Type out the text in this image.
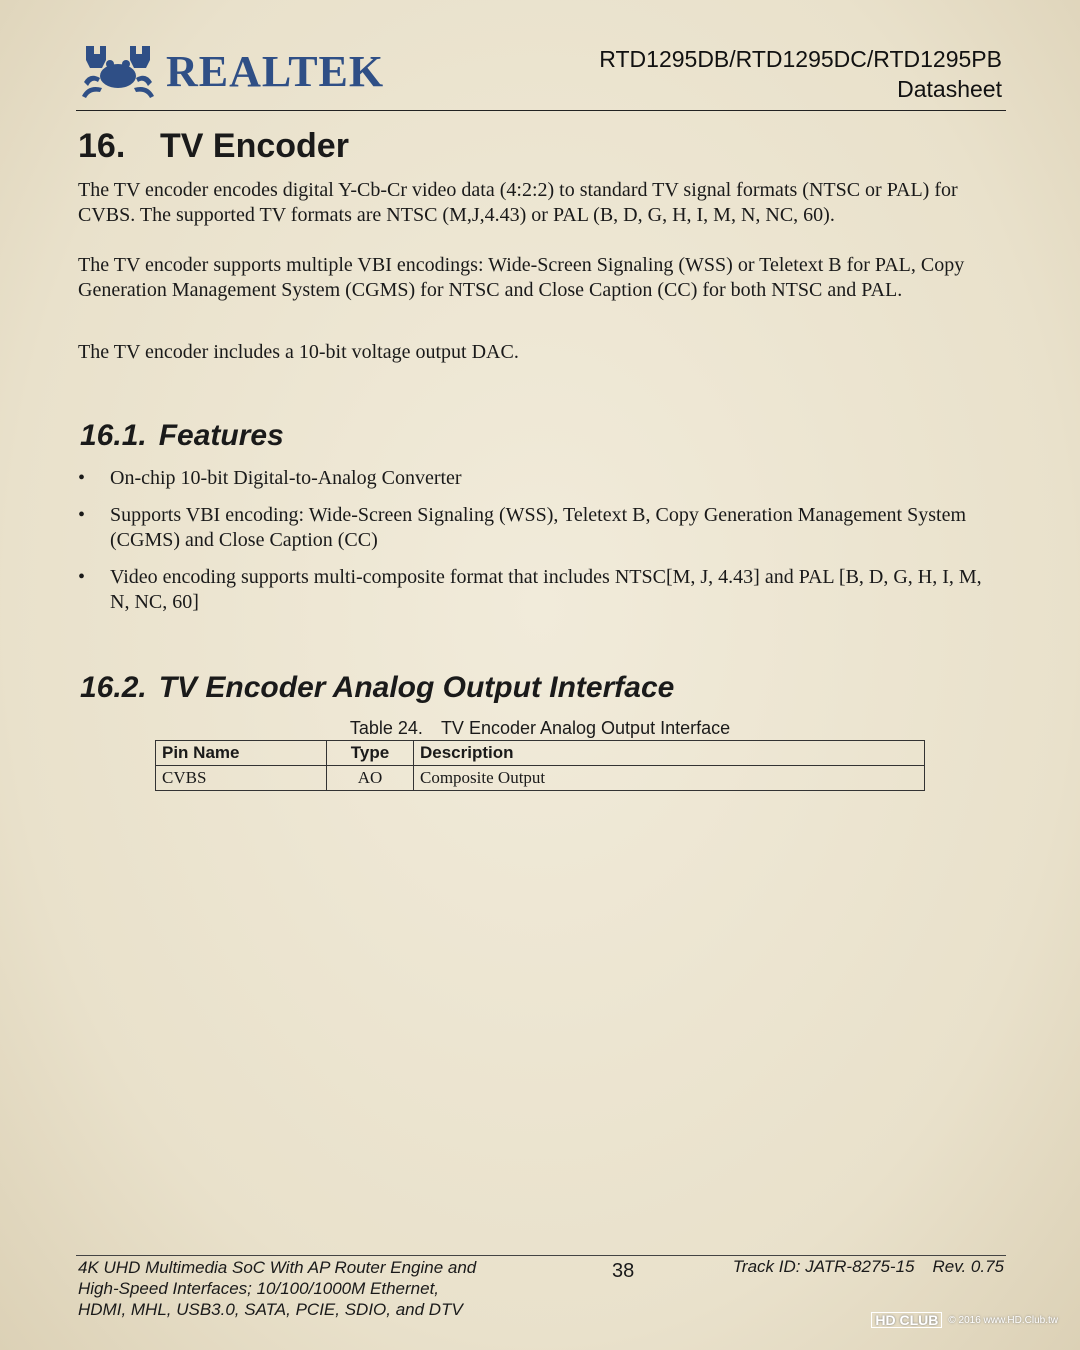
REALTEK	RTD1295DB/RTD1295DC/RTD1295PB
Datasheet
16. TV Encoder

The TV encoder encodes digital Y-Cb-Cr video data (4:2:2) to standard TV signal formats (NTSC or PAL) for CVBS. The supported TV formats are NTSC (M,J,4.43) or PAL (B, D, G, H, I, M, N, NC, 60).

The TV encoder supports multiple VBI encodings: Wide-Screen Signaling (WSS) or Teletext B for PAL, Copy Generation Management System (CGMS) for NTSC and Close Caption (CC) for both NTSC and PAL.

The TV encoder includes a 10-bit voltage output DAC.

16.1. Features
• On-chip 10-bit Digital-to-Analog Converter
• Supports VBI encoding: Wide-Screen Signaling (WSS), Teletext B, Copy Generation Management System (CGMS) and Close Caption (CC)
• Video encoding supports multi-composite format that includes NTSC[M, J, 4.43] and PAL [B, D, G, H, I, M, N, NC, 60]
16.2. TV Encoder Analog Output Interface
Table 24. TV Encoder Analog Output Interface
Pin Name	Type	Description
CVBS	AO	Composite Output
4K UHD Multimedia SoC With AP Router Engine and
High-Speed Interfaces; 10/100/1000M Ethernet,
HDMI, MHL, USB3.0, SATA, PCIE, SDIO, and DTV
38	Track ID: JATR-8275-15 Rev. 0.75
HD CLUB	© 2016 www.HD.Club.tw
